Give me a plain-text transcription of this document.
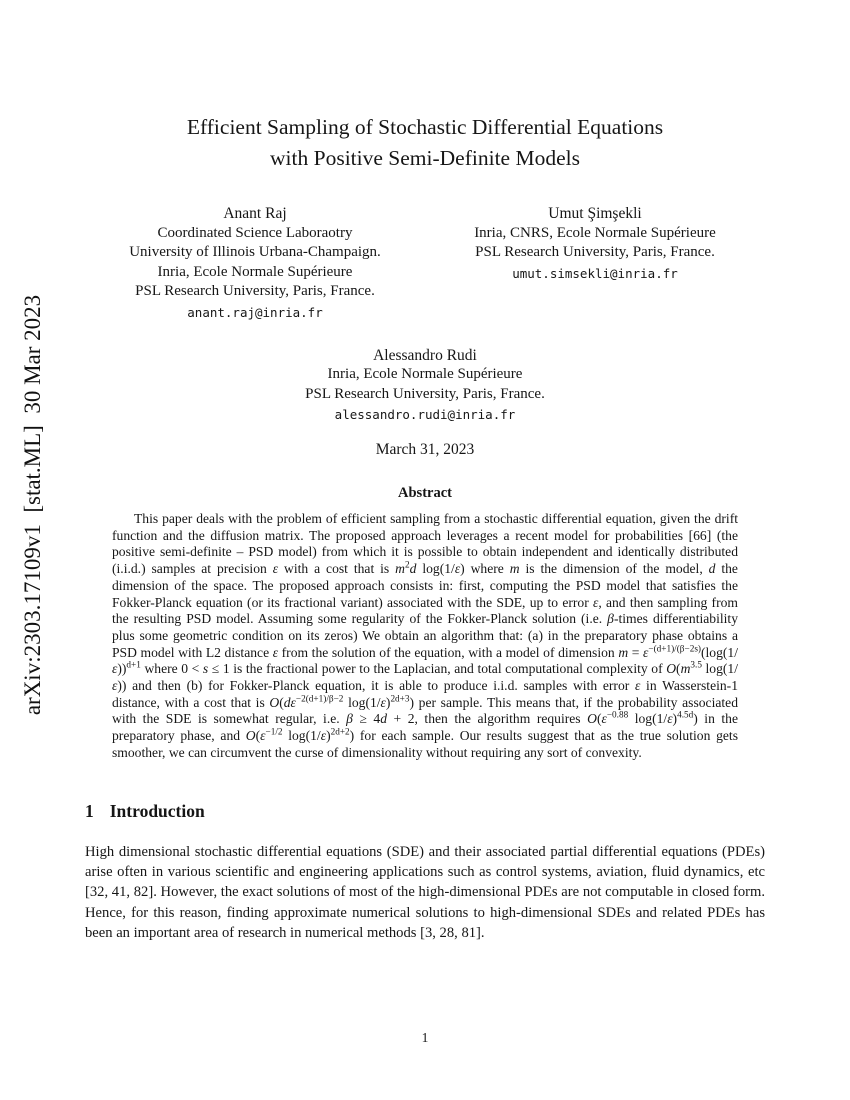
arXiv:2303.17109v1  [stat.ML]  30 Mar 2023
Efficient Sampling of Stochastic Differential Equations
with Positive Semi-Definite Models
Anant Raj
Coordinated Science Laboraotry
University of Illinois Urbana-Champaign.
Inria, Ecole Normale Supérieure
PSL Research University, Paris, France.
anant.raj@inria.fr
Umut Şimşekli
Inria, CNRS, Ecole Normale Supérieure
PSL Research University, Paris, France.
umut.simsekli@inria.fr
Alessandro Rudi
Inria, Ecole Normale Supérieure
PSL Research University, Paris, France.
alessandro.rudi@inria.fr
March 31, 2023
Abstract

This paper deals with the problem of efficient sampling from a stochastic differential equation, given the drift function and the diffusion matrix. The proposed approach leverages a recent model for probabilities [66] (the positive semi-definite – PSD model) from which it is possible to obtain independent and identically distributed (i.i.d.) samples at precision ε with a cost that is $m^2d$ log(1/ε) where m is the dimension of the model, d the dimension of the space. The proposed approach consists in: first, computing the PSD model that satisfies the Fokker-Planck equation (or its fractional variant) associated with the SDE, up to error ε, and then sampling from the resulting PSD model. Assuming some regularity of the Fokker-Planck solution (i.e. β-times differentiability plus some geometric condition on its zeros) We obtain an algorithm that: (a) in the preparatory phase obtains a PSD model with L2 distance ε from the solution of the equation, with a model of dimension $m = \varepsilon^{-(d+1)/(\beta-2s)}(\log(1/\varepsilon))^{d+1}$ where 0 < s ≤ 1 is the fractional power to the Laplacian, and total computational complexity of $O(m^{3.5}$ log(1/ε)) and then (b) for Fokker-Planck equation, it is able to produce i.i.d. samples with error ε in Wasserstein-1 distance, with a cost that is $O(d\varepsilon^{-2(d+1)/\beta-2}$ $\log(1/\varepsilon)^{2d+3}$) per sample. This means that, if the probability associated with the SDE is somewhat regular, i.e. β ≥ 4d + 2, then the algorithm requires $O(\varepsilon^{-0.88}$ $\log(1/\varepsilon)^{4.5d}$) in the preparatory phase, and $O(\varepsilon^{-1/2}$ $\log(1/\varepsilon)^{2d+2}$) for each sample. Our results suggest that as the true solution gets smoother, we can circumvent the curse of dimensionality without requiring any sort of convexity.

1 Introduction

High dimensional stochastic differential equations (SDE) and their associated partial differential equations (PDEs) arise often in various scientific and engineering applications such as control systems, aviation, fluid dynamics, etc [32, 41, 82]. However, the exact solutions of most of the high-dimensional PDEs are not computable in closed form. Hence, for this reason, finding approximate numerical solutions to high-dimensional SDEs and related PDEs has been an important area of research in numerical methods [3, 28, 81].

1
